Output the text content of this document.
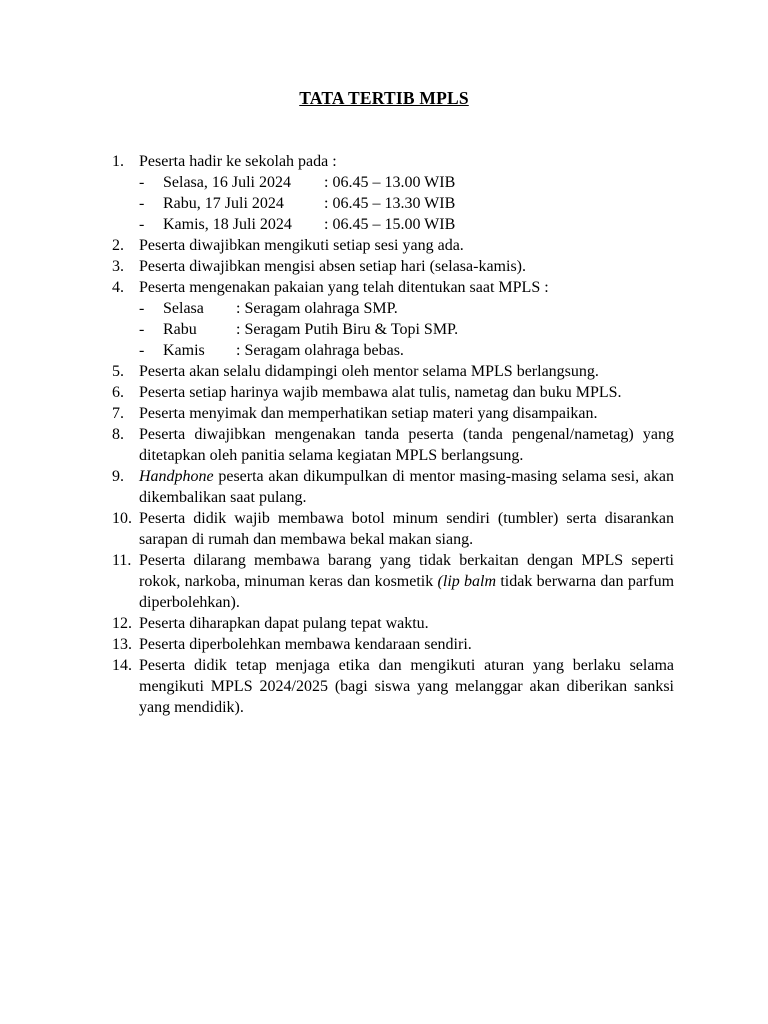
TATA TERTIB MPLS
1. Peserta hadir ke sekolah pada :
-	Selasa, 16 Juli 2024	: 06.45 – 13.00 WIB
-	Rabu, 17 Juli 2024	: 06.45 – 13.30 WIB
-	Kamis, 18 Juli 2024	: 06.45 – 15.00 WIB
2. Peserta diwajibkan mengikuti setiap sesi yang ada.
3. Peserta diwajibkan mengisi absen setiap hari (selasa-kamis).
4. Peserta mengenakan pakaian yang telah ditentukan saat MPLS :
-	Selasa	: Seragam olahraga SMP.
-	Rabu	: Seragam Putih Biru & Topi SMP.
-	Kamis	: Seragam olahraga bebas.
5. Peserta akan selalu didampingi oleh mentor selama MPLS berlangsung.
6. Peserta setiap harinya wajib membawa alat tulis, nametag dan buku MPLS.
7. Peserta menyimak dan memperhatikan setiap materi yang disampaikan.
8. Peserta diwajibkan mengenakan tanda peserta (tanda pengenal/nametag) yang ditetapkan oleh panitia selama kegiatan MPLS berlangsung.
9. Handphone peserta akan dikumpulkan di mentor masing-masing selama sesi, akan dikembalikan saat pulang.
10. Peserta didik wajib membawa botol minum sendiri (tumbler) serta disarankan sarapan di rumah dan membawa bekal makan siang.
11. Peserta dilarang membawa barang yang tidak berkaitan dengan MPLS seperti rokok, narkoba, minuman keras dan kosmetik (lip balm tidak berwarna dan parfum diperbolehkan).
12. Peserta diharapkan dapat pulang tepat waktu.
13. Peserta diperbolehkan membawa kendaraan sendiri.
14. Peserta didik tetap menjaga etika dan mengikuti aturan yang berlaku selama mengikuti MPLS 2024/2025 (bagi siswa yang melanggar akan diberikan sanksi yang mendidik).
